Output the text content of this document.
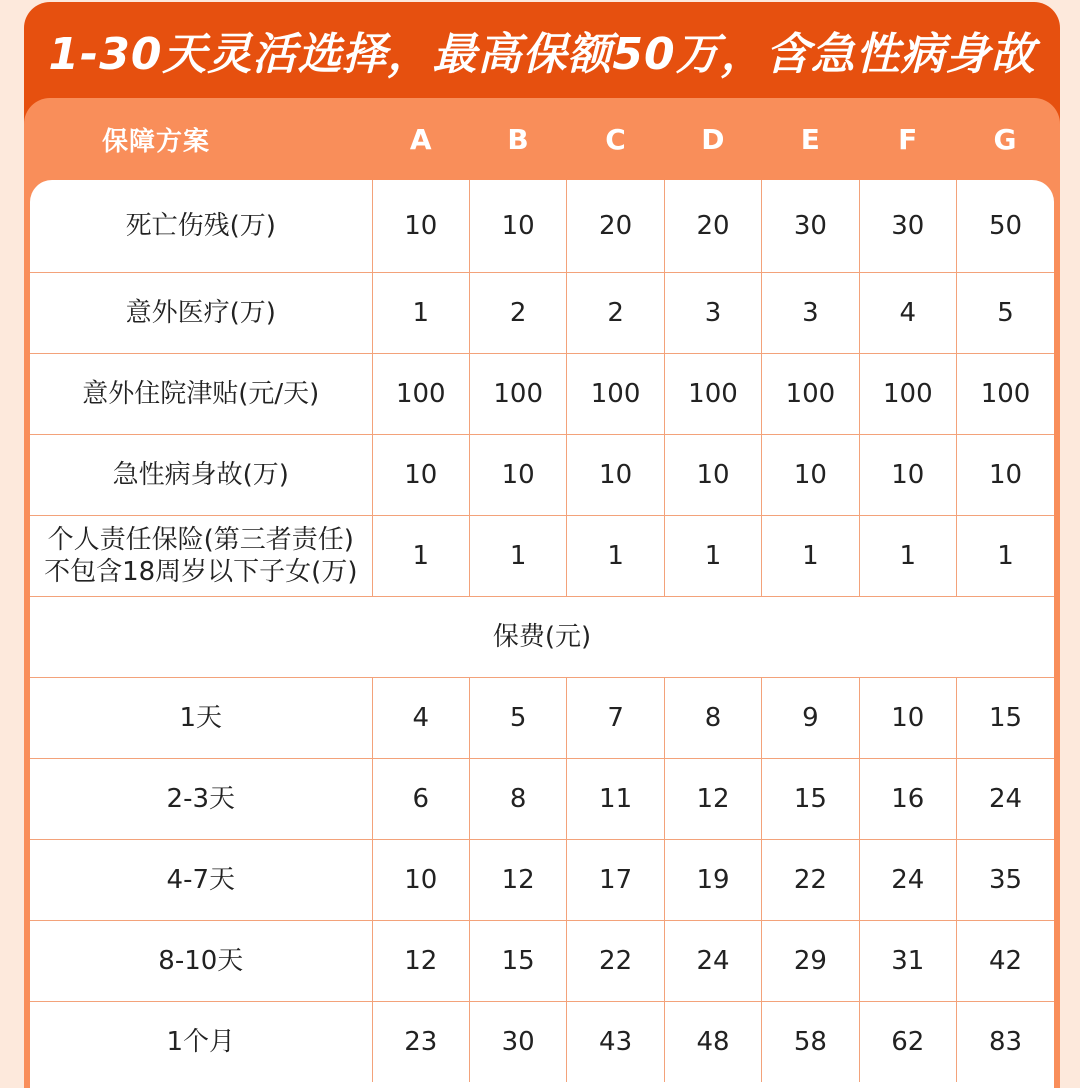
1-30天灵活选择，最高保额50万，含急性病身故
保障方案	A	B	C	D	E	F	G
死亡伤残(万)	10	10	20	20	30	30	50
意外医疗(万)	1	2	2	3	3	4	5
意外住院津贴(元/天)	100	100	100	100	100	100	100
急性病身故(万)	10	10	10	10	10	10	10

个人责任保险(第三者责任)
不包含18周岁以下子女(万)	1	1	1	1	1	1	1
保费(元)							
1天	4	5	7	8	9	10	15
2-3天	6	8	11	12	15	16	24
4-7天	10	12	17	19	22	24	35
8-10天	12	15	22	24	29	31	42
1个月	23	30	43	48	58	62	83
